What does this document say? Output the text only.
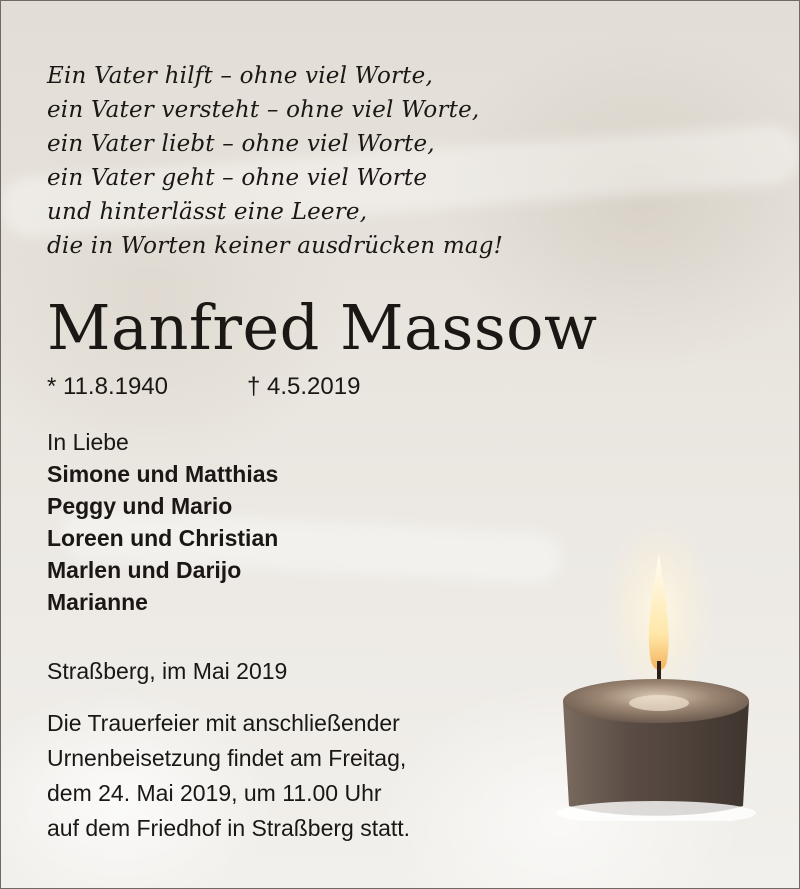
Ein Vater hilft – ohne viel Worte,
ein Vater versteht – ohne viel Worte,
ein Vater liebt – ohne viel Worte,
ein Vater geht – ohne viel Worte
und hinterlässt eine Leere,
die in Worten keiner ausdrücken mag!
Manfred Massow
* 11.8.1940	† 4.5.2019
In Liebe
Simone und Matthias
Peggy und Mario
Loreen und Christian
Marlen und Darijo
Marianne
Straßberg, im Mai 2019
Die Trauerfeier mit anschließender
Urnenbeisetzung findet am Freitag,
dem 24. Mai 2019, um 11.00 Uhr
auf dem Friedhof in Straßberg statt.
